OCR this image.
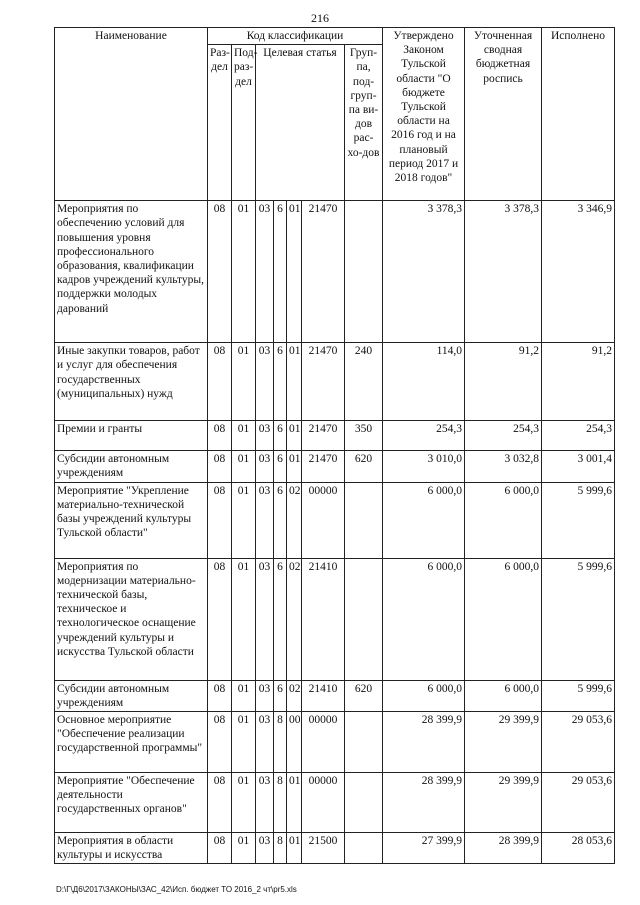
216
Наименование	Код классификации							Утверждено Законом Тульской области "О бюджете Тульской области на 2016 год и на плановый период 2017 и 2018 годов"	Уточненная сводная бюджетная роспись	Исполнено
	Раз-дел	Под-раз-дел	Целевая статья				Груп-па, под-груп-па ви-дов рас-хо-дов			
Мероприятия по обеспечению условий для повышения уровня профессионального образования, квалификации кадров учреждений культуры, поддержки молодых дарований	08	01	03	6	01	21470		3 378,3	3 378,3	3 346,9
Иные закупки товаров, работ и услуг для обеспечения государственных (муниципальных) нужд	08	01	03	6	01	21470	240	114,0	91,2	91,2
Премии и гранты	08	01	03	6	01	21470	350	254,3	254,3	254,3
Субсидии автономным учреждениям	08	01	03	6	01	21470	620	3 010,0	3 032,8	3 001,4
Мероприятие "Укрепление материально-технической базы учреждений культуры Тульской области"	08	01	03	6	02	00000		6 000,0	6 000,0	5 999,6
Мероприятия по модернизации материально-технической базы, техническое и технологическое оснащение учреждений культуры и искусства Тульской области	08	01	03	6	02	21410		6 000,0	6 000,0	5 999,6
Субсидии автономным учреждениям	08	01	03	6	02	21410	620	6 000,0	6 000,0	5 999,6
Основное мероприятие "Обеспечение реализации государственной программы"	08	01	03	8	00	00000		28 399,9	29 399,9	29 053,6
Мероприятие "Обеспечение деятельности государственных органов"	08	01	03	8	01	00000		28 399,9	29 399,9	29 053,6
Мероприятия в области культуры и искусства	08	01	03	8	01	21500		27 399,9	28 399,9	28 053,6
D:\Г\Д6\2017\ЗАКОНЫ\ЗАС_42\Исп. бюджет ТО 2016_2 чт\pr5.xls
